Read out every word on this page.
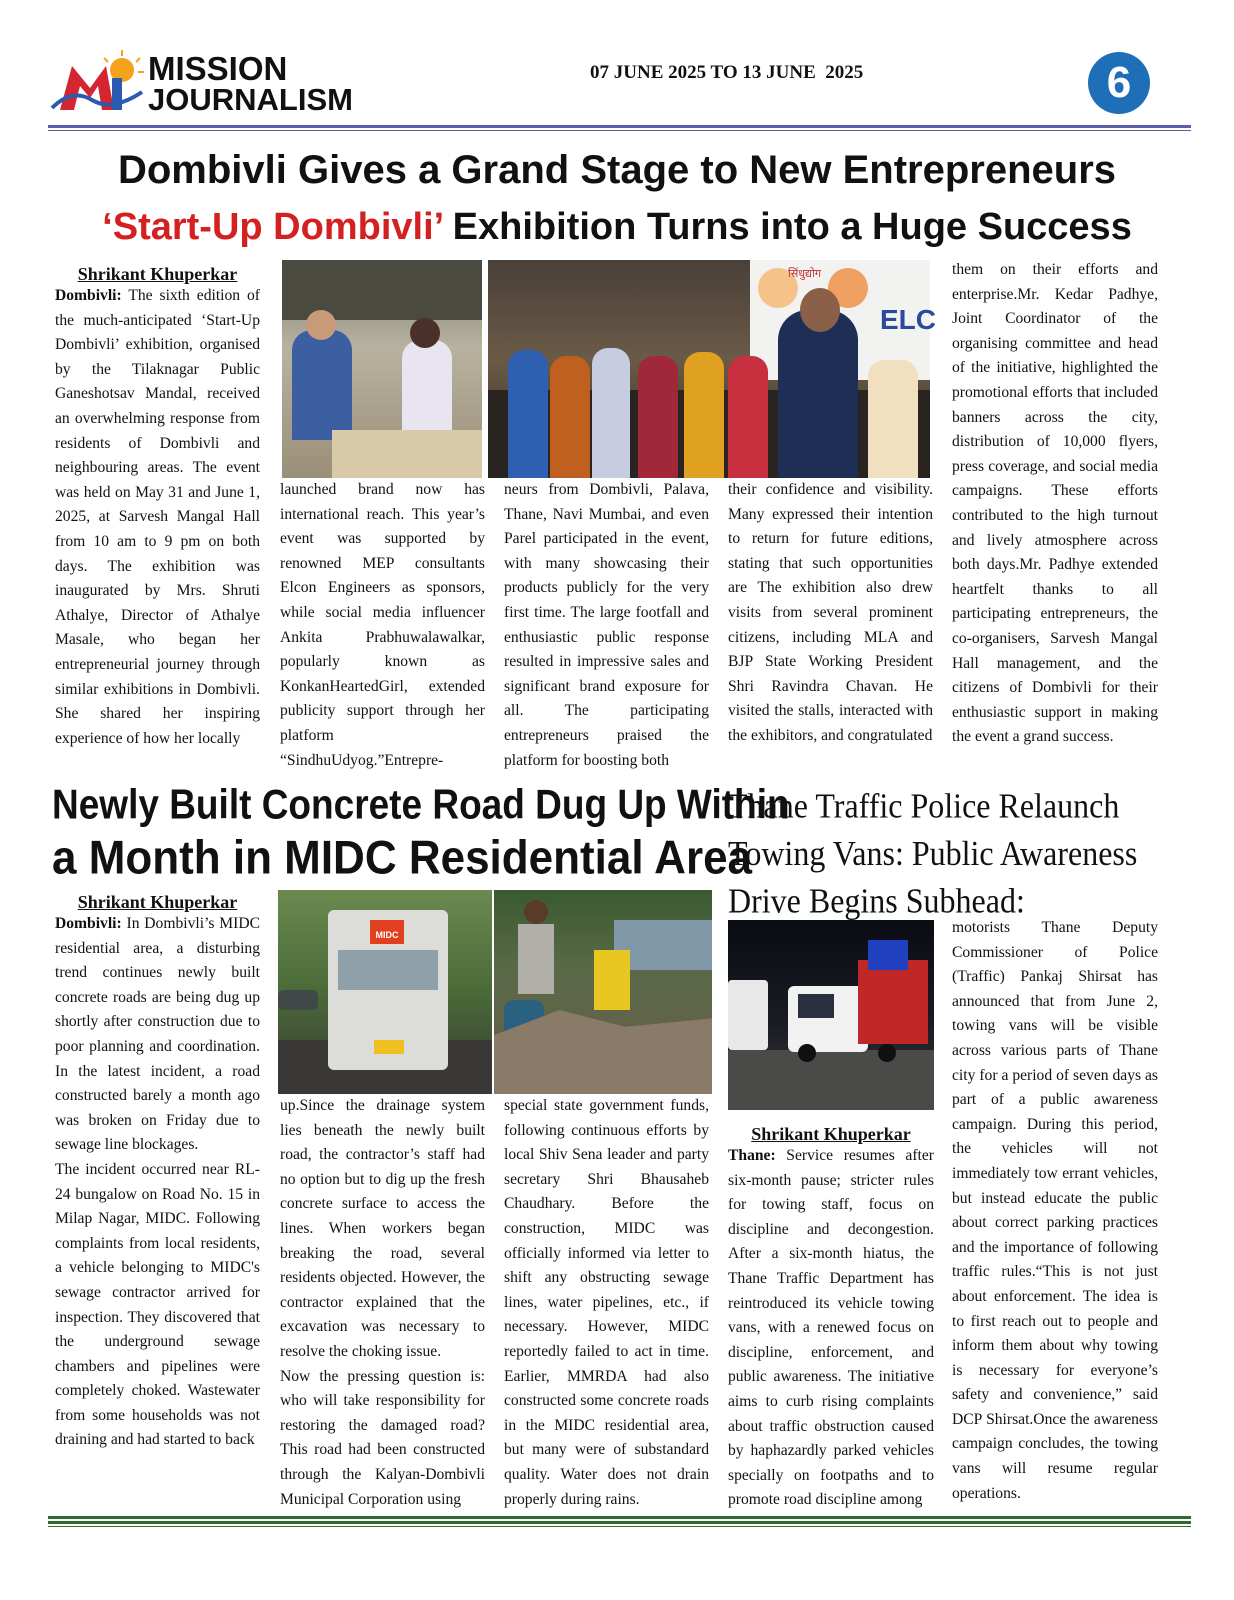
MISSION
JOURNALISM
07 JUNE 2025 TO 13 JUNE  2025	6
Dombivli Gives a Grand Stage to New Entrepreneurs
‘Start-Up Dombivli’ Exhibition Turns into a Huge Success
Shrikant Khuperkar

Dombivli: The sixth edition of the much-anticipated ‘Start-Up Dombivli’ exhibition, organised by the Tilaknagar Public Ganeshotsav Mandal, received an overwhelming response from residents of Dombivli and neighbouring areas. The event was held on May 31 and June 1, 2025, at Sarvesh Mangal Hall from 10 am to 9 pm on both days. The exhibition was inaugurated by Mrs. Shruti Athalye, Director of Athalye Masale, who began her entrepreneurial journey through similar exhibitions in Dombivli. She shared her inspiring experience of how her locally

सिंधुद्योग
ELC

launched brand now has international reach. This year’s event was supported by renowned MEP consultants Elcon Engineers as sponsors, while social media influencer Ankita Prabhuwalawalkar, popularly known as KonkanHeartedGirl, extended publicity support through her platform “SindhuUdyog.”Entrepre-

neurs from Dombivli, Palava, Thane, Navi Mumbai, and even Parel participated in the event, with many showcasing their products publicly for the very first time. The large footfall and enthusiastic public response resulted in impressive sales and significant brand exposure for all. The participating entrepreneurs praised the platform for boosting both

their confidence and visibility. Many expressed their intention to return for future editions, stating that such opportunities are The exhibition also drew visits from several prominent citizens, including MLA and BJP State Working President Shri Ravindra Chavan. He visited the stalls, interacted with the exhibitors, and congratulated

them on their efforts and enterprise.Mr. Kedar Padhye, Joint Coordinator of the organising committee and head of the initiative, highlighted the promotional efforts that included banners across the city, distribution of 10,000 flyers, press coverage, and social media campaigns. These efforts contributed to the high turnout and lively atmosphere across both days.Mr. Padhye extended heartfelt thanks to all participating entrepreneurs, the co-organisers, Sarvesh Mangal Hall management, and the citizens of Dombivli for their enthusiastic support in making the event a grand success.

Newly Built Concrete Road Dug Up Within
a Month in MIDC Residential Area
Shrikant Khuperkar

Dombivli: In Dombivli’s MIDC residential area, a disturbing trend continues newly built concrete roads are being dug up shortly after construction due to poor planning and coordination. In the latest incident, a road constructed barely a month ago was broken on Friday due to sewage line blockages.

The incident occurred near RL-24 bungalow on Road No. 15 in Milap Nagar, MIDC. Following complaints from local residents, a vehicle belonging to MIDC's sewage contractor arrived for inspection. They discovered that the underground sewage chambers and pipelines were completely choked. Wastewater from some households was not draining and had started to back

MIDC

up.Since the drainage system lies beneath the newly built road, the contractor’s staff had no option but to dig up the fresh concrete surface to access the lines. When workers began breaking the road, several residents objected. However, the contractor explained that the excavation was necessary to resolve the choking issue.

Now the pressing question is: who will take responsibility for restoring the damaged road? This road had been constructed through the Kalyan-Dombivli Municipal Corporation using

special state government funds, following continuous efforts by local Shiv Sena leader and party secretary Shri Bhausaheb Chaudhary. Before the construction, MIDC was officially informed via letter to shift any obstructing sewage lines, water pipelines, etc., if necessary. However, MIDC reportedly failed to act in time. Earlier, MMRDA had also constructed some concrete roads in the MIDC residential area, but many were of substandard quality. Water does not drain properly during rains.

Thane Traffic Police Relaunch Towing Vans: Public Awareness Drive Begins Subhead:
Shrikant Khuperkar

Thane: Service resumes after six-month pause; stricter rules for towing staff, focus on discipline and decongestion. After a six-month hiatus, the Thane Traffic Department has reintroduced its vehicle towing vans, with a renewed focus on discipline, enforcement, and public awareness. The initiative aims to curb rising complaints about traffic obstruction caused by haphazardly parked vehicles specially on footpaths and to promote road discipline among

motorists Thane Deputy Commissioner of Police (Traffic) Pankaj Shirsat has announced that from June 2, towing vans will be visible across various parts of Thane city for a period of seven days as part of a public awareness campaign. During this period, the vehicles will not immediately tow errant vehicles, but instead educate the public about correct parking practices and the importance of following traffic rules.“This is not just about enforcement. The idea is to first reach out to people and inform them about why towing is necessary for everyone’s safety and convenience,” said DCP Shirsat.Once the awareness campaign concludes, the towing vans will resume regular operations.
